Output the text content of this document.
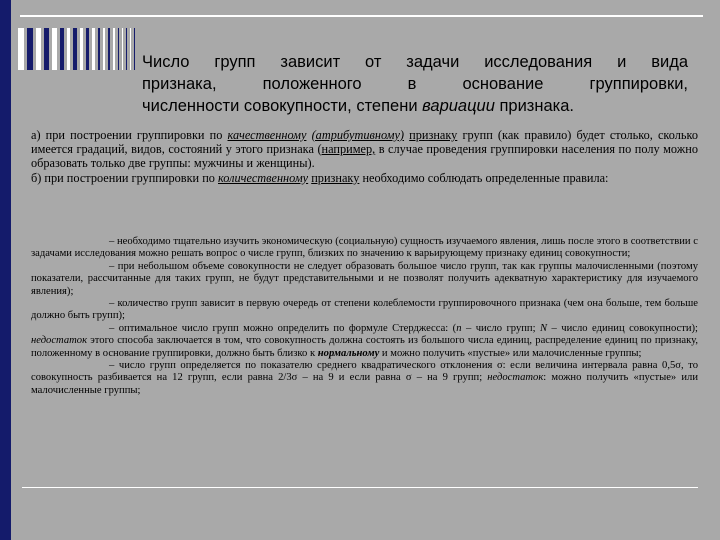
Число групп зависит от задачи исследования и вида
признака, положенного в основание группировки,
численности совокупности, степени вариации признака.

а) при построении группировки по качественному (атрибутивному) признаку групп (как правило) будет столько, сколько имеется градаций, видов, состояний у этого признака (например, в случае проведения группировки населения по полу можно образовать только две группы: мужчины и женщины).

б) при построении группировки по количественному признаку необходимо соблюдать определенные правила:

– необходимо тщательно изучить экономическую (социальную) сущность изучаемого явления, лишь после этого в соответствии с задачами исследования можно решать вопрос о числе групп, близких по значению к варьирующему признаку единиц совокупности;

– при небольшом объеме совокупности не следует образовать большое число групп, так как группы малочисленными (поэтому показатели, рассчитанные для таких групп, не будут представительными и не позволят получить адекватную характеристику для изучаемого явления);

– количество групп зависит в первую очередь от степени колеблемости группировочного признака (чем она больше, тем больше должно быть групп);

– оптимальное число групп можно определить по формуле Стерджесса: (n – число групп; N – число единиц совокупности); недостаток этого способа заключается в том, что совокупность должна состоять из большого числа единиц, распределение единиц по признаку, положенному в основание группировки, должно быть близко к нормальному и можно получить «пустые» или малочисленные группы;

– число групп определяется по показателю среднего квадратического отклонения σ: если величина интервала равна 0,5σ, то совокупность разбивается на 12 групп, если равна 2/3σ – на 9 и если равна σ – на 9 групп; недостаток: можно получить «пустые» или малочисленные группы;
